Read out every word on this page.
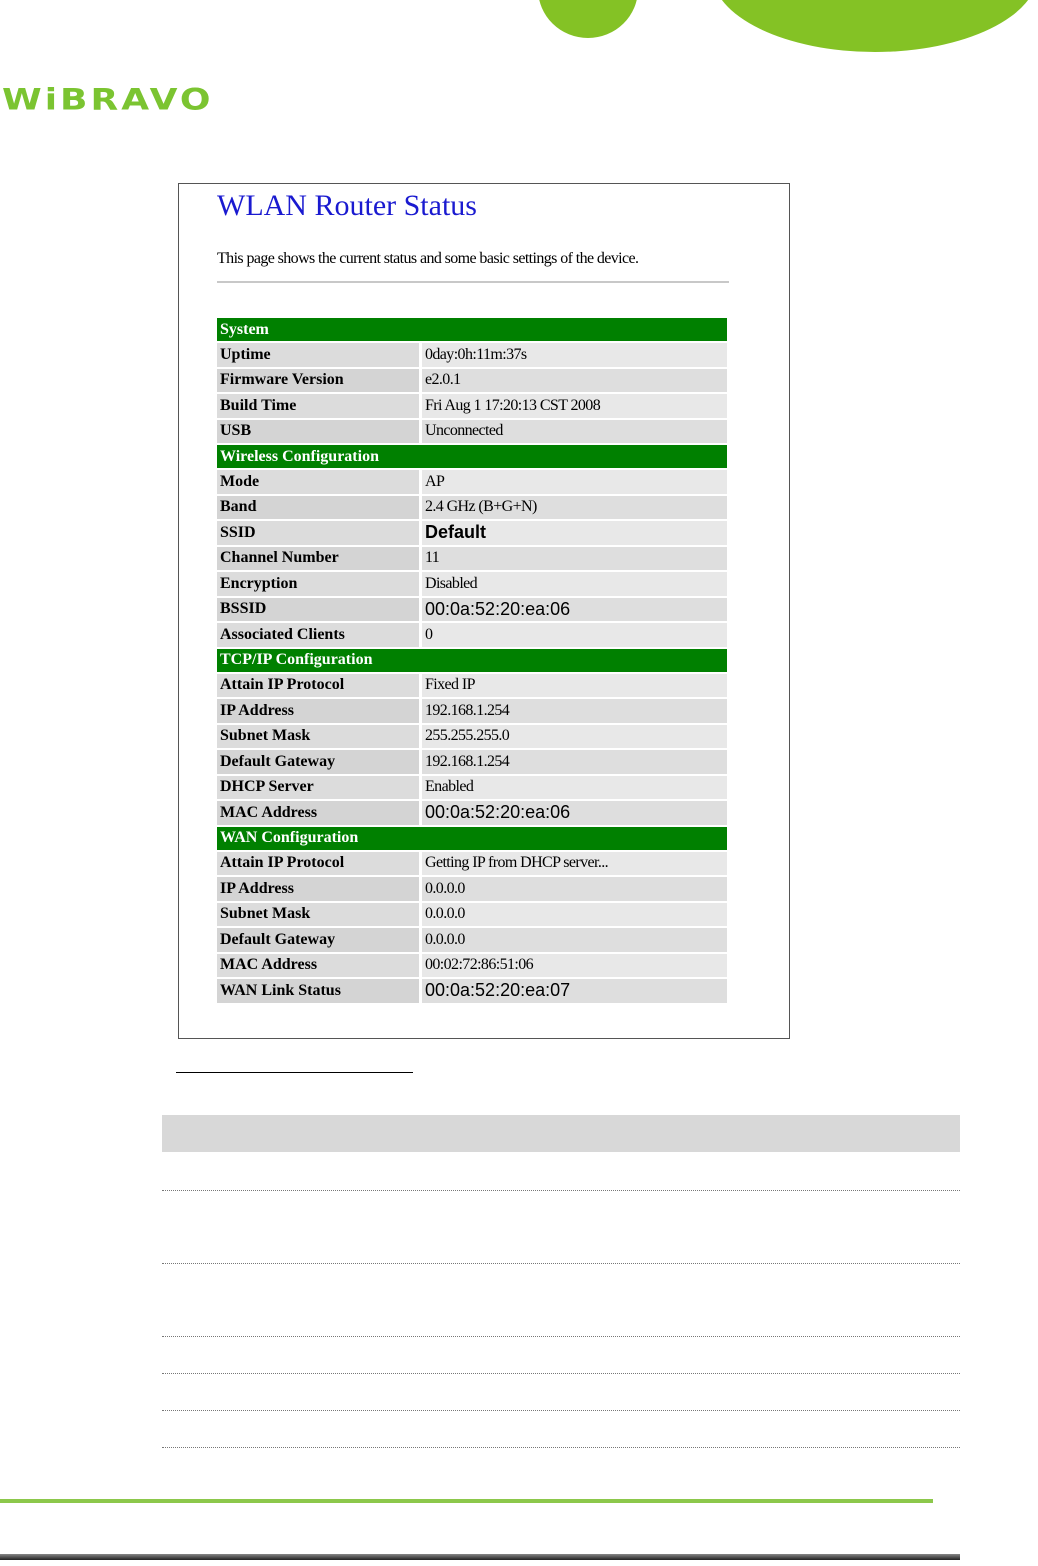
WiBRAVO
WLAN Router Status
This page shows the current status and some basic settings of the device.
System
Uptime	0day:0h:11m:37s
Firmware Version	e2.0.1
Build Time	Fri Aug 1 17:20:13 CST 2008
USB	Unconnected
Wireless Configuration
Mode	AP
Band	2.4 GHz (B+G+N)
SSID	Default
Channel Number	11
Encryption	Disabled
BSSID	00:0a:52:20:ea:06
Associated Clients	0
TCP/IP Configuration
Attain IP Protocol	Fixed IP
IP Address	192.168.1.254
Subnet Mask	255.255.255.0
Default Gateway	192.168.1.254
DHCP Server	Enabled
MAC Address	00:0a:52:20:ea:06
WAN Configuration
Attain IP Protocol	Getting IP from DHCP server...
IP Address	0.0.0.0
Subnet Mask	0.0.0.0
Default Gateway	0.0.0.0
MAC Address	00:02:72:86:51:06
WAN Link Status	00:0a:52:20:ea:07
